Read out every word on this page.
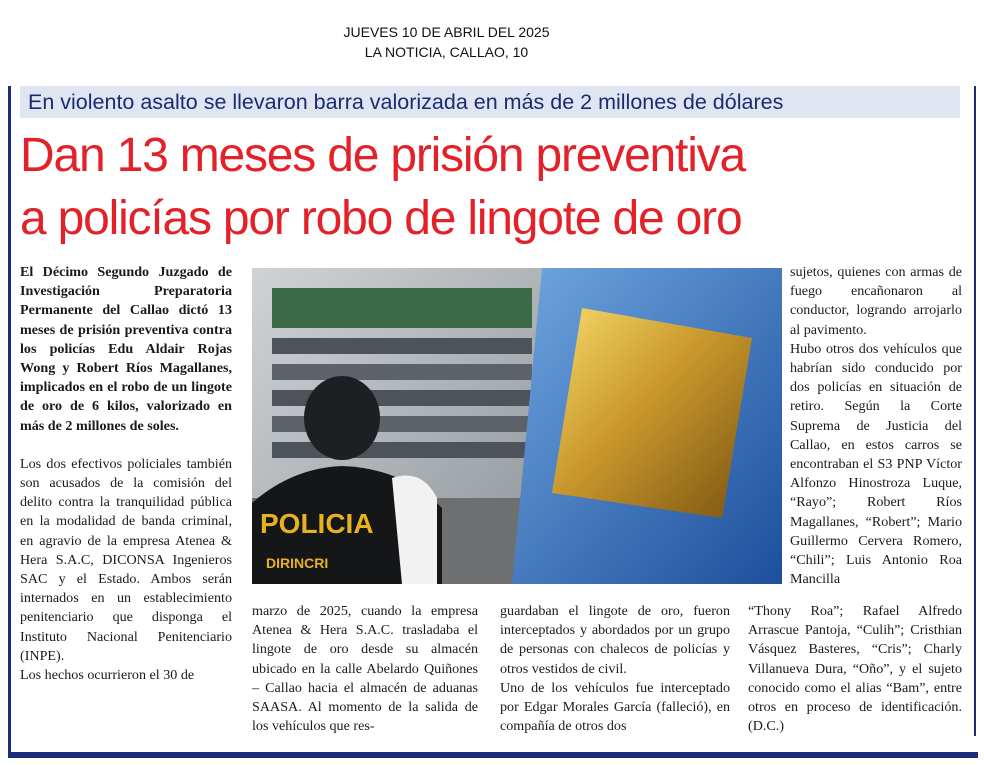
JUEVES 10 DE ABRIL DEL 2025
LA NOTICIA, CALLAO, 10
En violento asalto se llevaron barra valorizada en más de 2 millones de dólares
Dan 13 meses de prisión preventiva
a policías por robo de lingote de oro

El Décimo Segundo Juzgado de Investigación Preparatoria Permanente del Callao dictó 13 meses de prisión preventiva contra los policías Edu Aldair Rojas Wong y Robert Ríos Magallanes, implicados en el robo de un lingote de oro de 6 kilos, valorizado en más de 2 millones de soles.

Los dos efectivos policiales también son acusados de la comisión del delito contra la tranquilidad pública en la modalidad de banda criminal, en agravio de la empresa Atenea & Hera S.A.C, DICONSA Ingenieros SAC y el Estado. Ambos serán internados en un establecimiento penitenciario que disponga el Instituto Nacional Penitenciario (INPE).

Los hechos ocurrieron el 30 de

POLICIA
DIRINCRI

marzo de 2025, cuando la empresa Atenea & Hera S.A.C. trasladaba el lingote de oro desde su almacén ubicado en la calle Abelardo Quiñones – Callao hacia el almacén de aduanas SAASA. Al momento de la salida de los vehículos que res-

guardaban el lingote de oro, fueron interceptados y abordados por un grupo de personas con chalecos de policías y otros vestidos de civil.

Uno de los vehículos fue interceptado por Edgar Morales García (falleció), en compañía de otros dos

sujetos, quienes con armas de fuego encañonaron al conductor, logrando arrojarlo al pavimento.

Hubo otros dos vehículos que habrían sido conducido por dos policías en situación de retiro. Según la Corte Suprema de Justicia del Callao, en estos carros se encontraban el S3 PNP Víctor Alfonzo Hinostroza Luque, “Rayo”; Robert Ríos Magallanes, “Robert”; Mario Guillermo Cervera Romero, “Chili”; Luis Antonio Roa Mancilla

“Thony Roa”; Rafael Alfredo Arrascue Pantoja, “Culih”; Cristhian Vásquez Basteres, “Cris”; Charly Villanueva Dura, “Oño”, y el sujeto conocido como el alias “Bam”, entre otros en proceso de identificación. (D.C.)
